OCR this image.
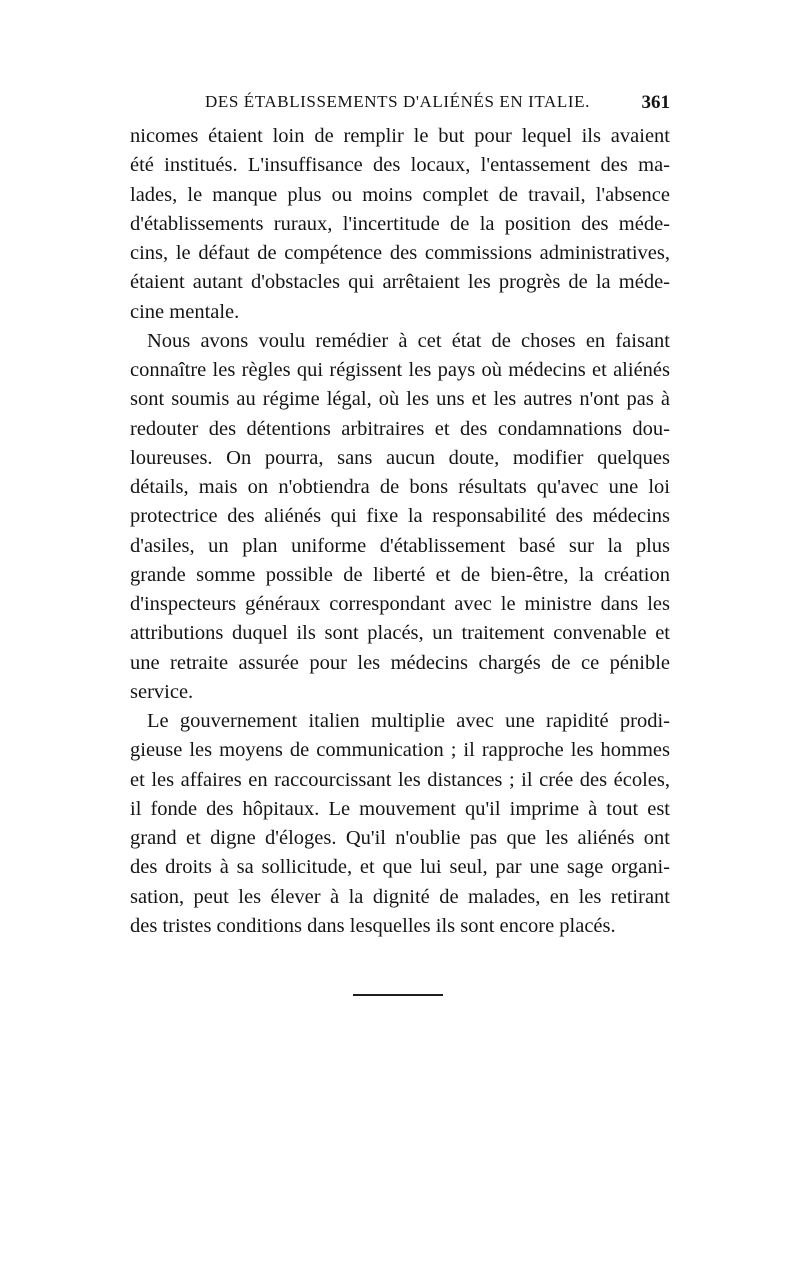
DES ÉTABLISSEMENTS D'ALIÉNÉS EN ITALIE.	361

nicomes étaient loin de remplir le but pour lequel ils avaient
été institués. L'insuffisance des locaux, l'entassement des ma-
lades, le manque plus ou moins complet de travail, l'absence
d'établissements ruraux, l'incertitude de la position des méde-
cins, le défaut de compétence des commissions administratives,
étaient autant d'obstacles qui arrêtaient les progrès de la méde-
cine mentale.

Nous avons voulu remédier à cet état de choses en faisant
connaître les règles qui régissent les pays où médecins et aliénés
sont soumis au régime légal, où les uns et les autres n'ont pas à
redouter des détentions arbitraires et des condamnations dou-
loureuses. On pourra, sans aucun doute, modifier quelques
détails, mais on n'obtiendra de bons résultats qu'avec une loi
protectrice des aliénés qui fixe la responsabilité des médecins
d'asiles, un plan uniforme d'établissement basé sur la plus
grande somme possible de liberté et de bien-être, la création
d'inspecteurs généraux correspondant avec le ministre dans les
attributions duquel ils sont placés, un traitement convenable et
une retraite assurée pour les médecins chargés de ce pénible
service.

Le gouvernement italien multiplie avec une rapidité prodi-
gieuse les moyens de communication ; il rapproche les hommes
et les affaires en raccourcissant les distances ; il crée des écoles,
il fonde des hôpitaux. Le mouvement qu'il imprime à tout est
grand et digne d'éloges. Qu'il n'oublie pas que les aliénés ont
des droits à sa sollicitude, et que lui seul, par une sage organi-
sation, peut les élever à la dignité de malades, en les retirant
des tristes conditions dans lesquelles ils sont encore placés.
